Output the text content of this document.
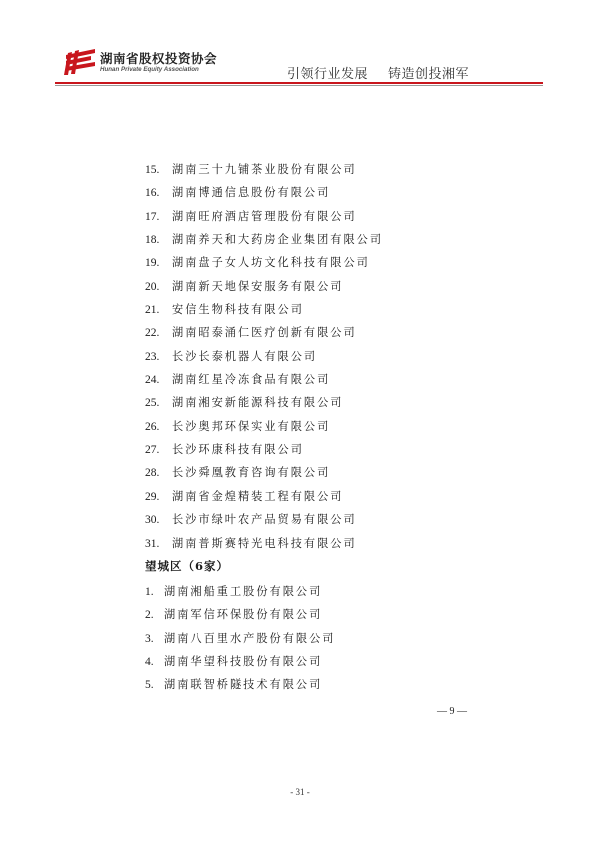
湖南省股权投资协会
Hunan Private Equity Association	引领行业发展 铸造创投湘军
15. 湖南三十九铺茶业股份有限公司
16. 湖南博通信息股份有限公司
17. 湖南旺府酒店管理股份有限公司
18. 湖南养天和大药房企业集团有限公司
19. 湖南盘子女人坊文化科技有限公司
20. 湖南新天地保安服务有限公司
21. 安信生物科技有限公司
22. 湖南昭泰涌仁医疗创新有限公司
23. 长沙长泰机器人有限公司
24. 湖南红星冷冻食品有限公司
25. 湖南湘安新能源科技有限公司
26. 长沙奥邦环保实业有限公司
27. 长沙环康科技有限公司
28. 长沙舜凰教育咨询有限公司
29. 湖南省金煌精装工程有限公司
30. 长沙市绿叶农产品贸易有限公司
31. 湖南普斯赛特光电科技有限公司
望城区（6家）
1. 湖南湘船重工股份有限公司
2. 湖南军信环保股份有限公司
3. 湖南八百里水产股份有限公司
4. 湖南华望科技股份有限公司
5. 湖南联智桥隧技术有限公司
— 9 —
- 31 -
